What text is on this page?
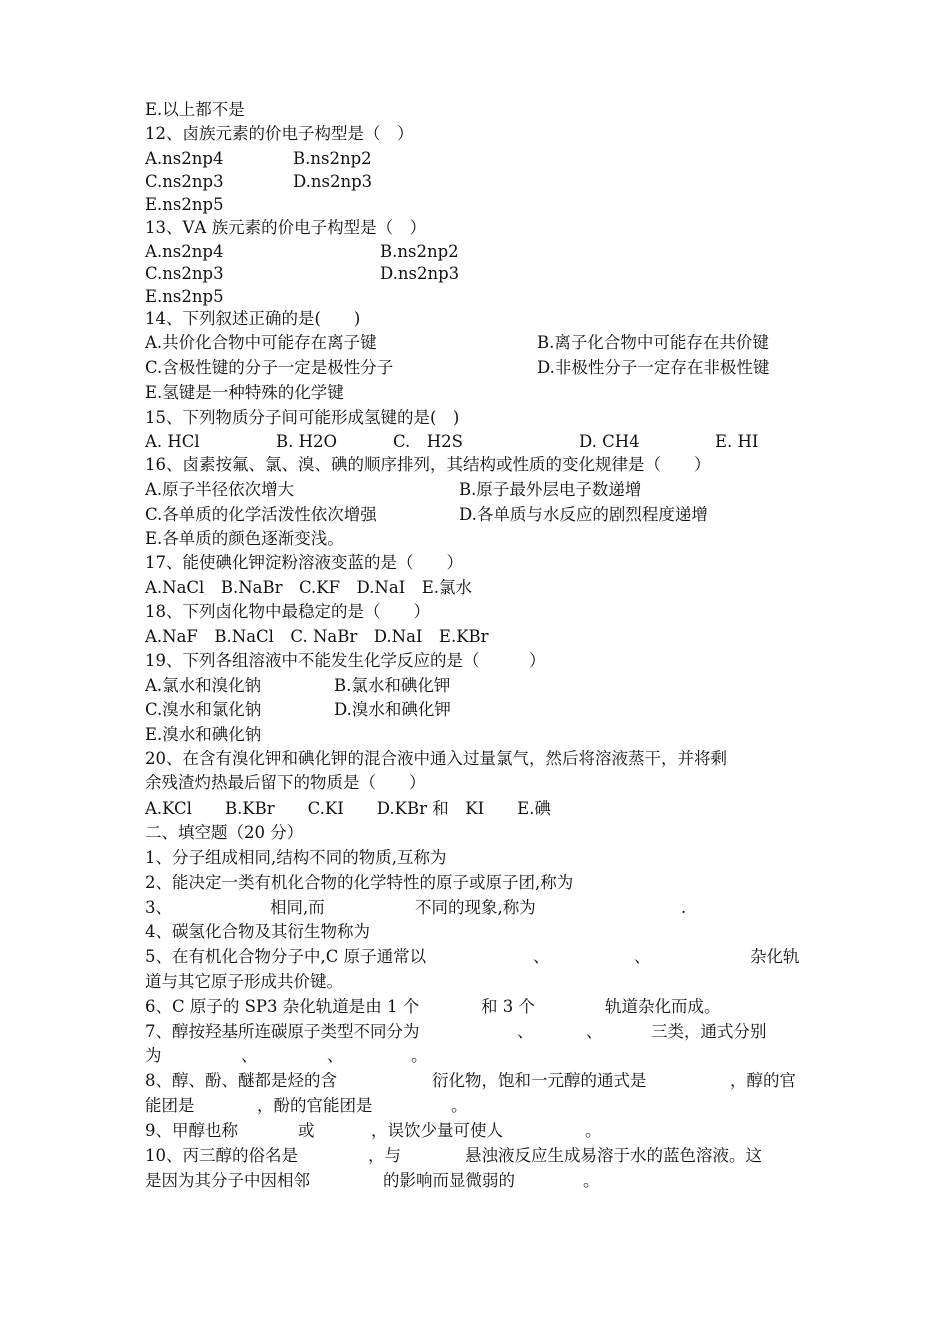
E.以上都不是
12、卤族元素的价电子构型是（　）
A.ns2np4	B.ns2np2
C.ns2np3	D.ns2np3
E.ns2np5
13、ⅤA 族元素的价电子构型是（　）
A.ns2np4	B.ns2np2
C.ns2np3	D.ns2np3
E.ns2np5
14、下列叙述正确的是(　　)
A.共价化合物中可能存在离子键	B.离子化合物中可能存在共价键
C.含极性键的分子一定是极性分子	D.非极性分子一定存在非极性键
E.氢键是一种特殊的化学键
15、下列物质分子间可能形成氢键的是(　)
A. HCl	B. H2O	C.　H2S	D. CH4	E. HI
16、卤素按氟、氯、溴、碘的顺序排列，其结构或性质的变化规律是（　　）
A.原子半径依次增大	B.原子最外层电子数递增
C.各单质的化学活泼性依次增强	D.各单质与水反应的剧烈程度递增
E.各单质的颜色逐渐变浅。
17、能使碘化钾淀粉溶液变蓝的是（　　）
A.NaCl　B.NaBr　C.KF　D.NaI　E.氯水
18、下列卤化物中最稳定的是（　　）
A.NaF　B.NaCl　C. NaBr　D.NaI　E.KBr
19、下列各组溶液中不能发生化学反应的是（　　　）
A.氯水和溴化钠	B.氯水和碘化钾
C.溴水和氯化钠	D.溴水和碘化钾
E.溴水和碘化钠
20、在含有溴化钾和碘化钾的混合液中通入过量氯气，然后将溶液蒸干，并将剩
余残渣灼热最后留下的物质是（　　）
A.KCl　　B.KBr　　C.KI　　D.KBr 和　KI　　E.碘
二、填空题（20 分）
1、分子组成相同,结构不同的物质,互称为
2、能决定一类有机化合物的化学特性的原子或原子团,称为
3、	相同,而	不同的现象,称为	.
4、碳氢化合物及其衍生物称为
5、在有机化合物分子中,C 原子通常以	、	、	杂化轨
道与其它原子形成共价键。
6、C 原子的 SP3 杂化轨道是由 1 个	和 3 个	轨道杂化而成。
7、醇按羟基所连碳原子类型不同分为	、	、	三类，通式分别
为	、	、	。
8、醇、酚、醚都是烃的含	衍化物，饱和一元醇的通式是	，醇的官
能团是	，酚的官能团是	。
9、甲醇也称	或	，误饮少量可使人	。
10、丙三醇的俗名是	，与	悬浊液反应生成易溶于水的蓝色溶液。这
是因为其分子中因相邻	的影响而显微弱的	。
